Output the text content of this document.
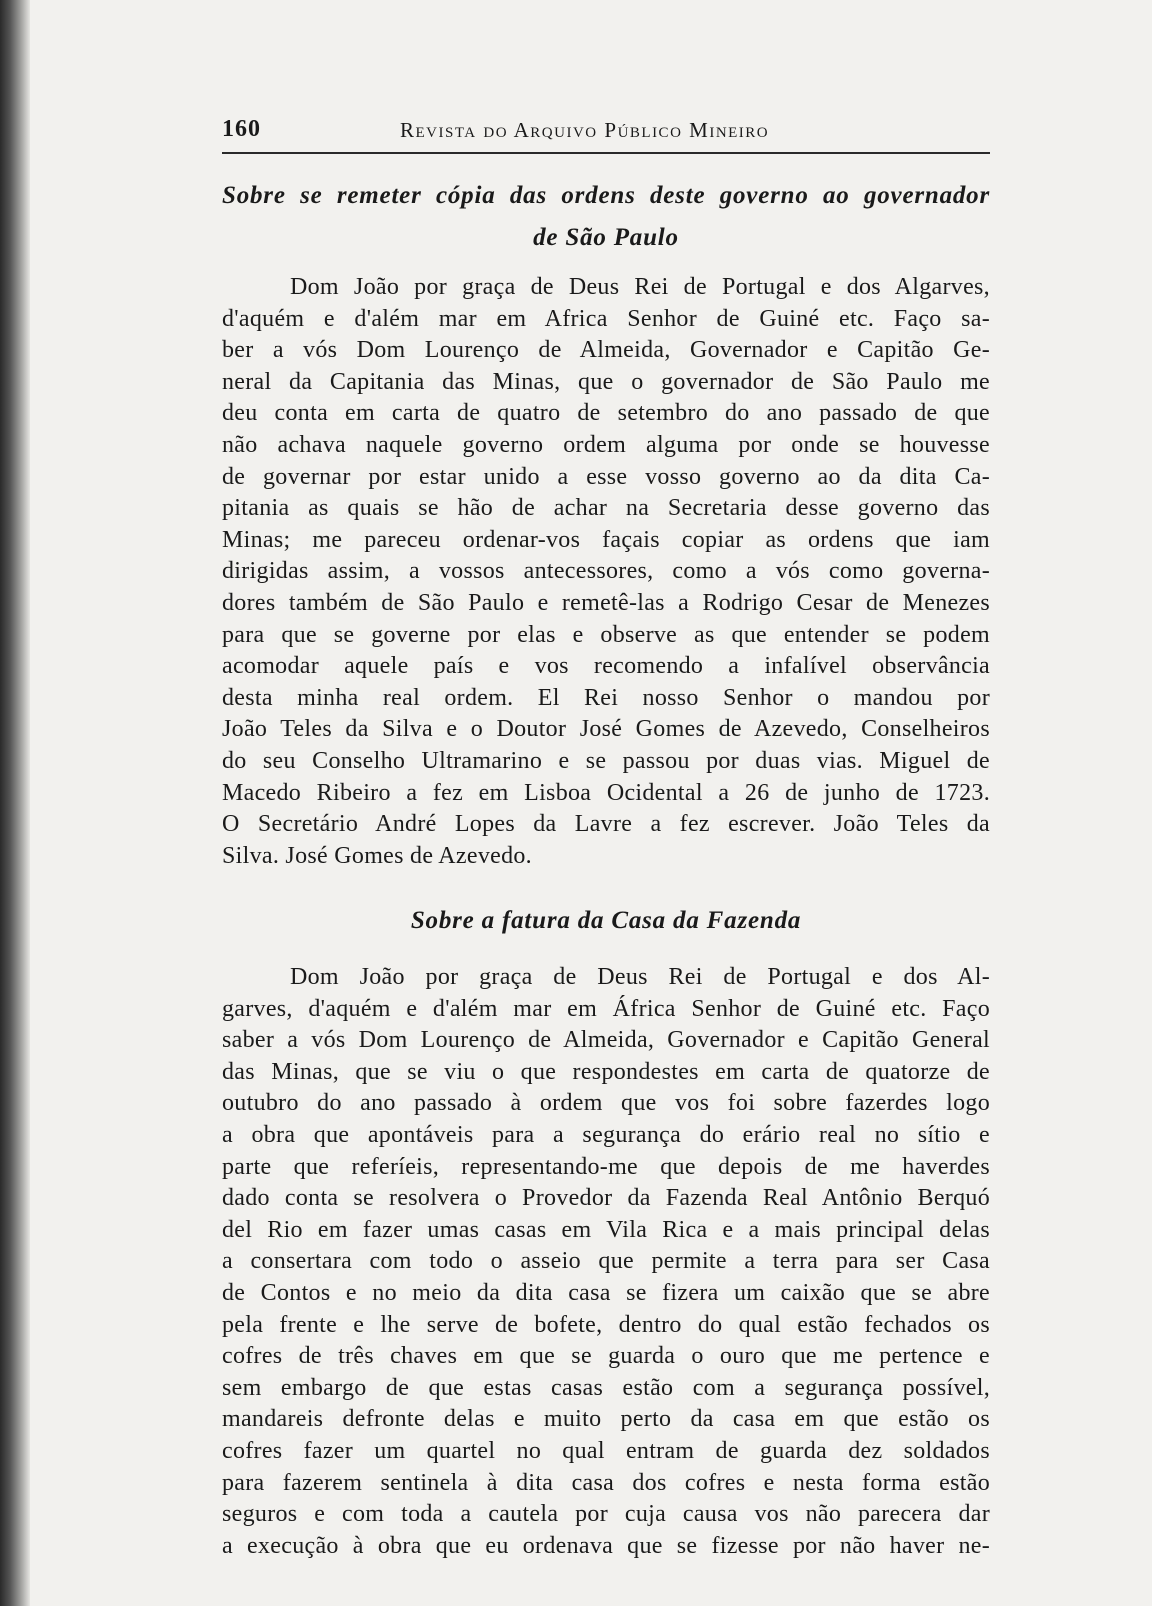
160	Revista do Arquivo Público Mineiro
Sobre se remeter cópia das ordens deste governo ao governador
de São Paulo
Dom João por graça de Deus Rei de Portugal e dos Algarves,
d'aquém e d'além mar em Africa Senhor de Guiné etc. Faço sa-
ber a vós Dom Lourenço de Almeida, Governador e Capitão Ge-
neral da Capitania das Minas, que o governador de São Paulo me
deu conta em carta de quatro de setembro do ano passado de que
não achava naquele governo ordem alguma por onde se houvesse
de governar por estar unido a esse vosso governo ao da dita Ca-
pitania as quais se hão de achar na Secretaria desse governo das
Minas; me pareceu ordenar-vos façais copiar as ordens que iam
dirigidas assim, a vossos antecessores, como a vós como governa-
dores também de São Paulo e remetê-las a Rodrigo Cesar de Menezes
para que se governe por elas e observe as que entender se podem
acomodar aquele país e vos recomendo a infalível observância
desta minha real ordem. El Rei nosso Senhor o mandou por
João Teles da Silva e o Doutor José Gomes de Azevedo, Conselheiros
do seu Conselho Ultramarino e se passou por duas vias. Miguel de
Macedo Ribeiro a fez em Lisboa Ocidental a 26 de junho de 1723.
O Secretário André Lopes da Lavre a fez escrever. João Teles da
Silva. José Gomes de Azevedo.
Sobre a fatura da Casa da Fazenda
Dom João por graça de Deus Rei de Portugal e dos Al-
garves, d'aquém e d'além mar em África Senhor de Guiné etc. Faço
saber a vós Dom Lourenço de Almeida, Governador e Capitão General
das Minas, que se viu o que respondestes em carta de quatorze de
outubro do ano passado à ordem que vos foi sobre fazerdes logo
a obra que apontáveis para a segurança do erário real no sítio e
parte que referíeis, representando-me que depois de me haverdes
dado conta se resolvera o Provedor da Fazenda Real Antônio Berquó
del Rio em fazer umas casas em Vila Rica e a mais principal delas
a consertara com todo o asseio que permite a terra para ser Casa
de Contos e no meio da dita casa se fizera um caixão que se abre
pela frente e lhe serve de bofete, dentro do qual estão fechados os
cofres de três chaves em que se guarda o ouro que me pertence e
sem embargo de que estas casas estão com a segurança possível,
mandareis defronte delas e muito perto da casa em que estão os
cofres fazer um quartel no qual entram de guarda dez soldados
para fazerem sentinela à dita casa dos cofres e nesta forma estão
seguros e com toda a cautela por cuja causa vos não parecera dar
a execução à obra que eu ordenava que se fizesse por não haver ne-
